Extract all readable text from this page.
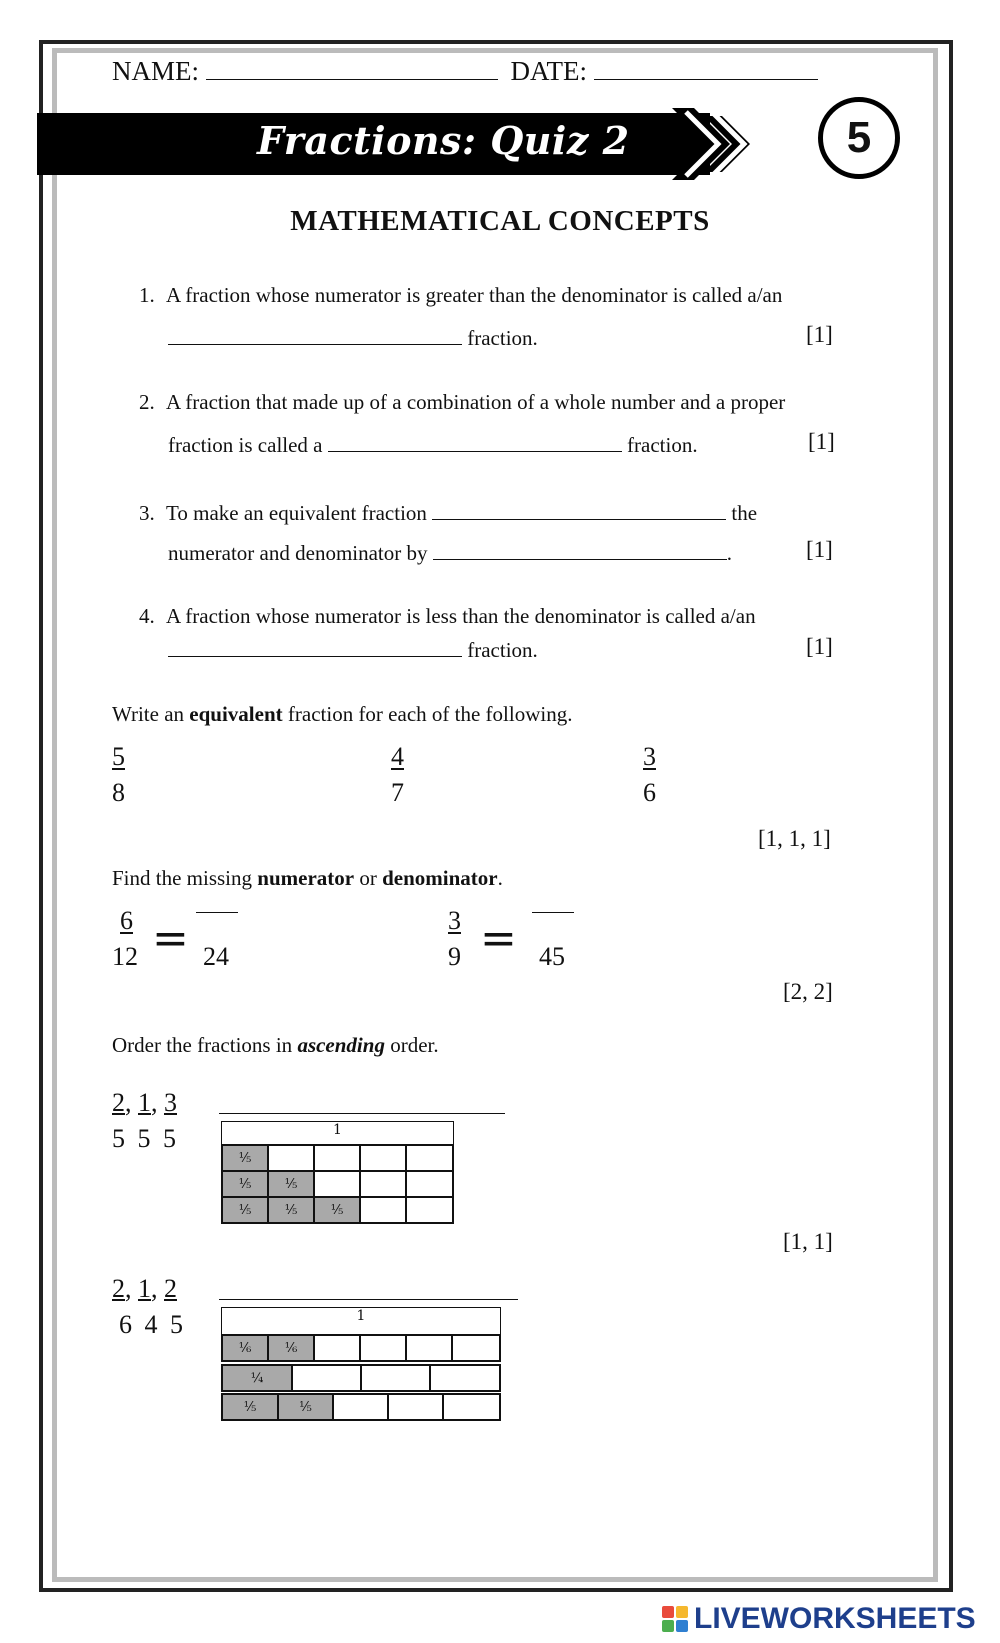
NAME:	DATE:
Fractions: Quiz 2	5
MATHEMATICAL CONCEPTS
1. A fraction whose numerator is greater than the denominator is called a/an
fraction.	[1]
2. A fraction that made up of a combination of a whole number and a proper
fraction is called a	fraction.	[1]
3. To make an equivalent fraction	the
numerator and denominator by	.	[1]
4. A fraction whose numerator is less than the denominator is called a/an
fraction.	[1]
Write an equivalent fraction for each of the following.
$\frac{5}{8}$	$\frac{4}{7}$	$\frac{3}{6}$
[1, 1, 1]
Find the missing numerator or denominator.
$\frac{6}{12} = 24$	$\frac{3}{9} = 45$
[2, 2]
Order the fractions in ascending order.
2, 1, 3
5 5 5	1
⅕
⅕	⅕
⅕	⅕	⅕
[1, 1]
2, 1, 2
6 4 5	1
⅙	⅙
¼
⅕	⅕
LIVEWORKSHEETS
